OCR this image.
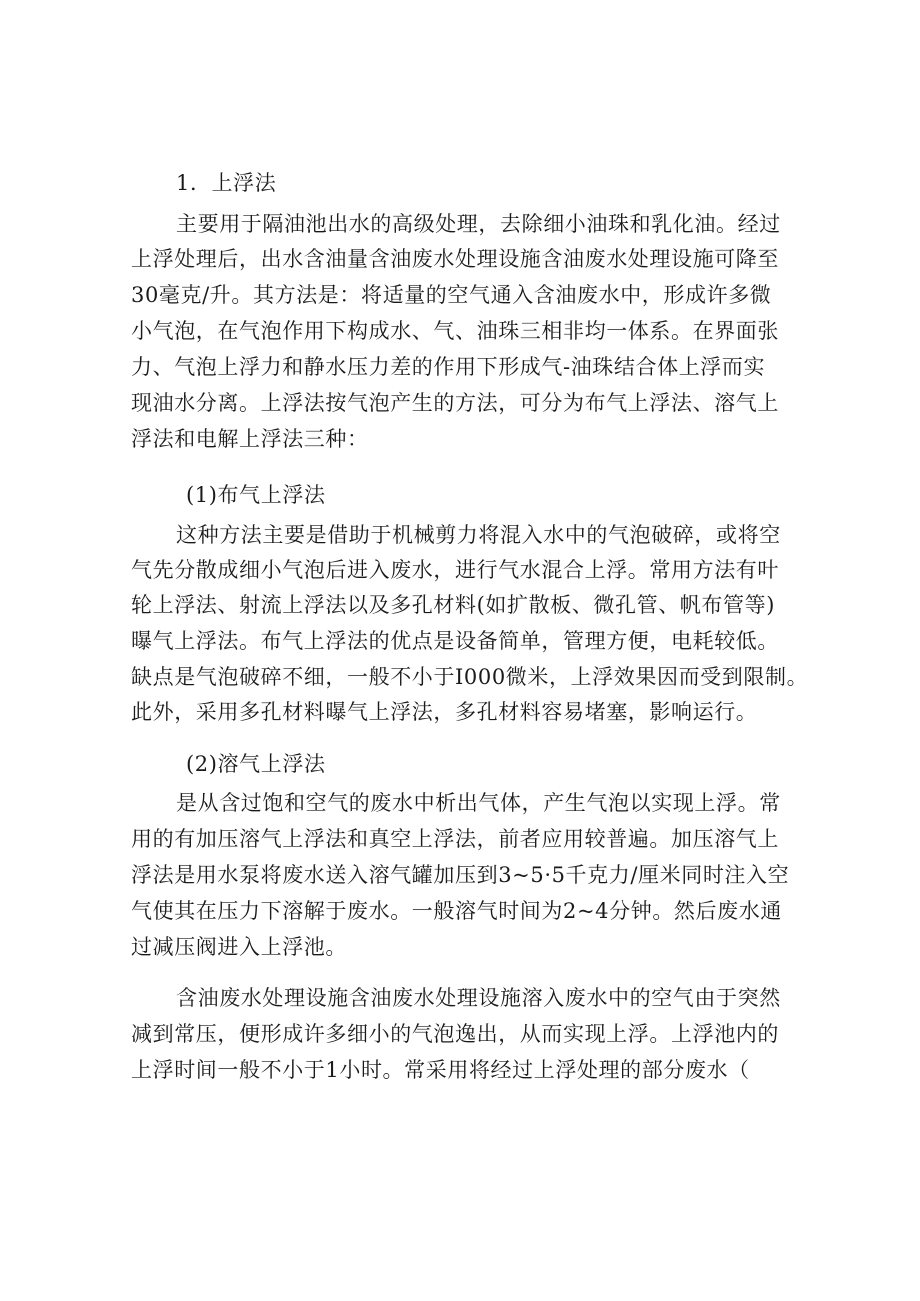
1．上浮法
主要用于隔油池出水的高级处理，去除细小油珠和乳化油。经过
上浮处理后，出水含油量含油废水处理设施含油废水处理设施可降至
30毫克/升。其方法是：将适量的空气通入含油废水中，形成许多微
小气泡，在气泡作用下构成水、气、油珠三相非均一体系。在界面张
力、气泡上浮力和静水压力差的作用下形成气-油珠结合体上浮而实
现油水分离。上浮法按气泡产生的方法，可分为布气上浮法、溶气上
浮法和电解上浮法三种：
(1)布气上浮法
这种方法主要是借助于机械剪力将混入水中的气泡破碎，或将空
气先分散成细小气泡后进入废水，进行气水混合上浮。常用方法有叶
轮上浮法、射流上浮法以及多孔材料(如扩散板、微孔管、帆布管等)
曝气上浮法。布气上浮法的优点是设备简单，管理方便，电耗较低。
缺点是气泡破碎不细，一般不小于I000微米，上浮效果因而受到限制。
此外，采用多孔材料曝气上浮法，多孔材料容易堵塞，影响运行。
(2)溶气上浮法
是从含过饱和空气的废水中析出气体，产生气泡以实现上浮。常
用的有加压溶气上浮法和真空上浮法，前者应用较普遍。加压溶气上
浮法是用水泵将废水送入溶气罐加压到3~5·5千克力/厘米同时注入空
气使其在压力下溶解于废水。一般溶气时间为2~4分钟。然后废水通
过减压阀进入上浮池。
含油废水处理设施含油废水处理设施溶入废水中的空气由于突然
减到常压，便形成许多细小的气泡逸出，从而实现上浮。上浮池内的
上浮时间一般不小于1小时。常采用将经过上浮处理的部分废水（
